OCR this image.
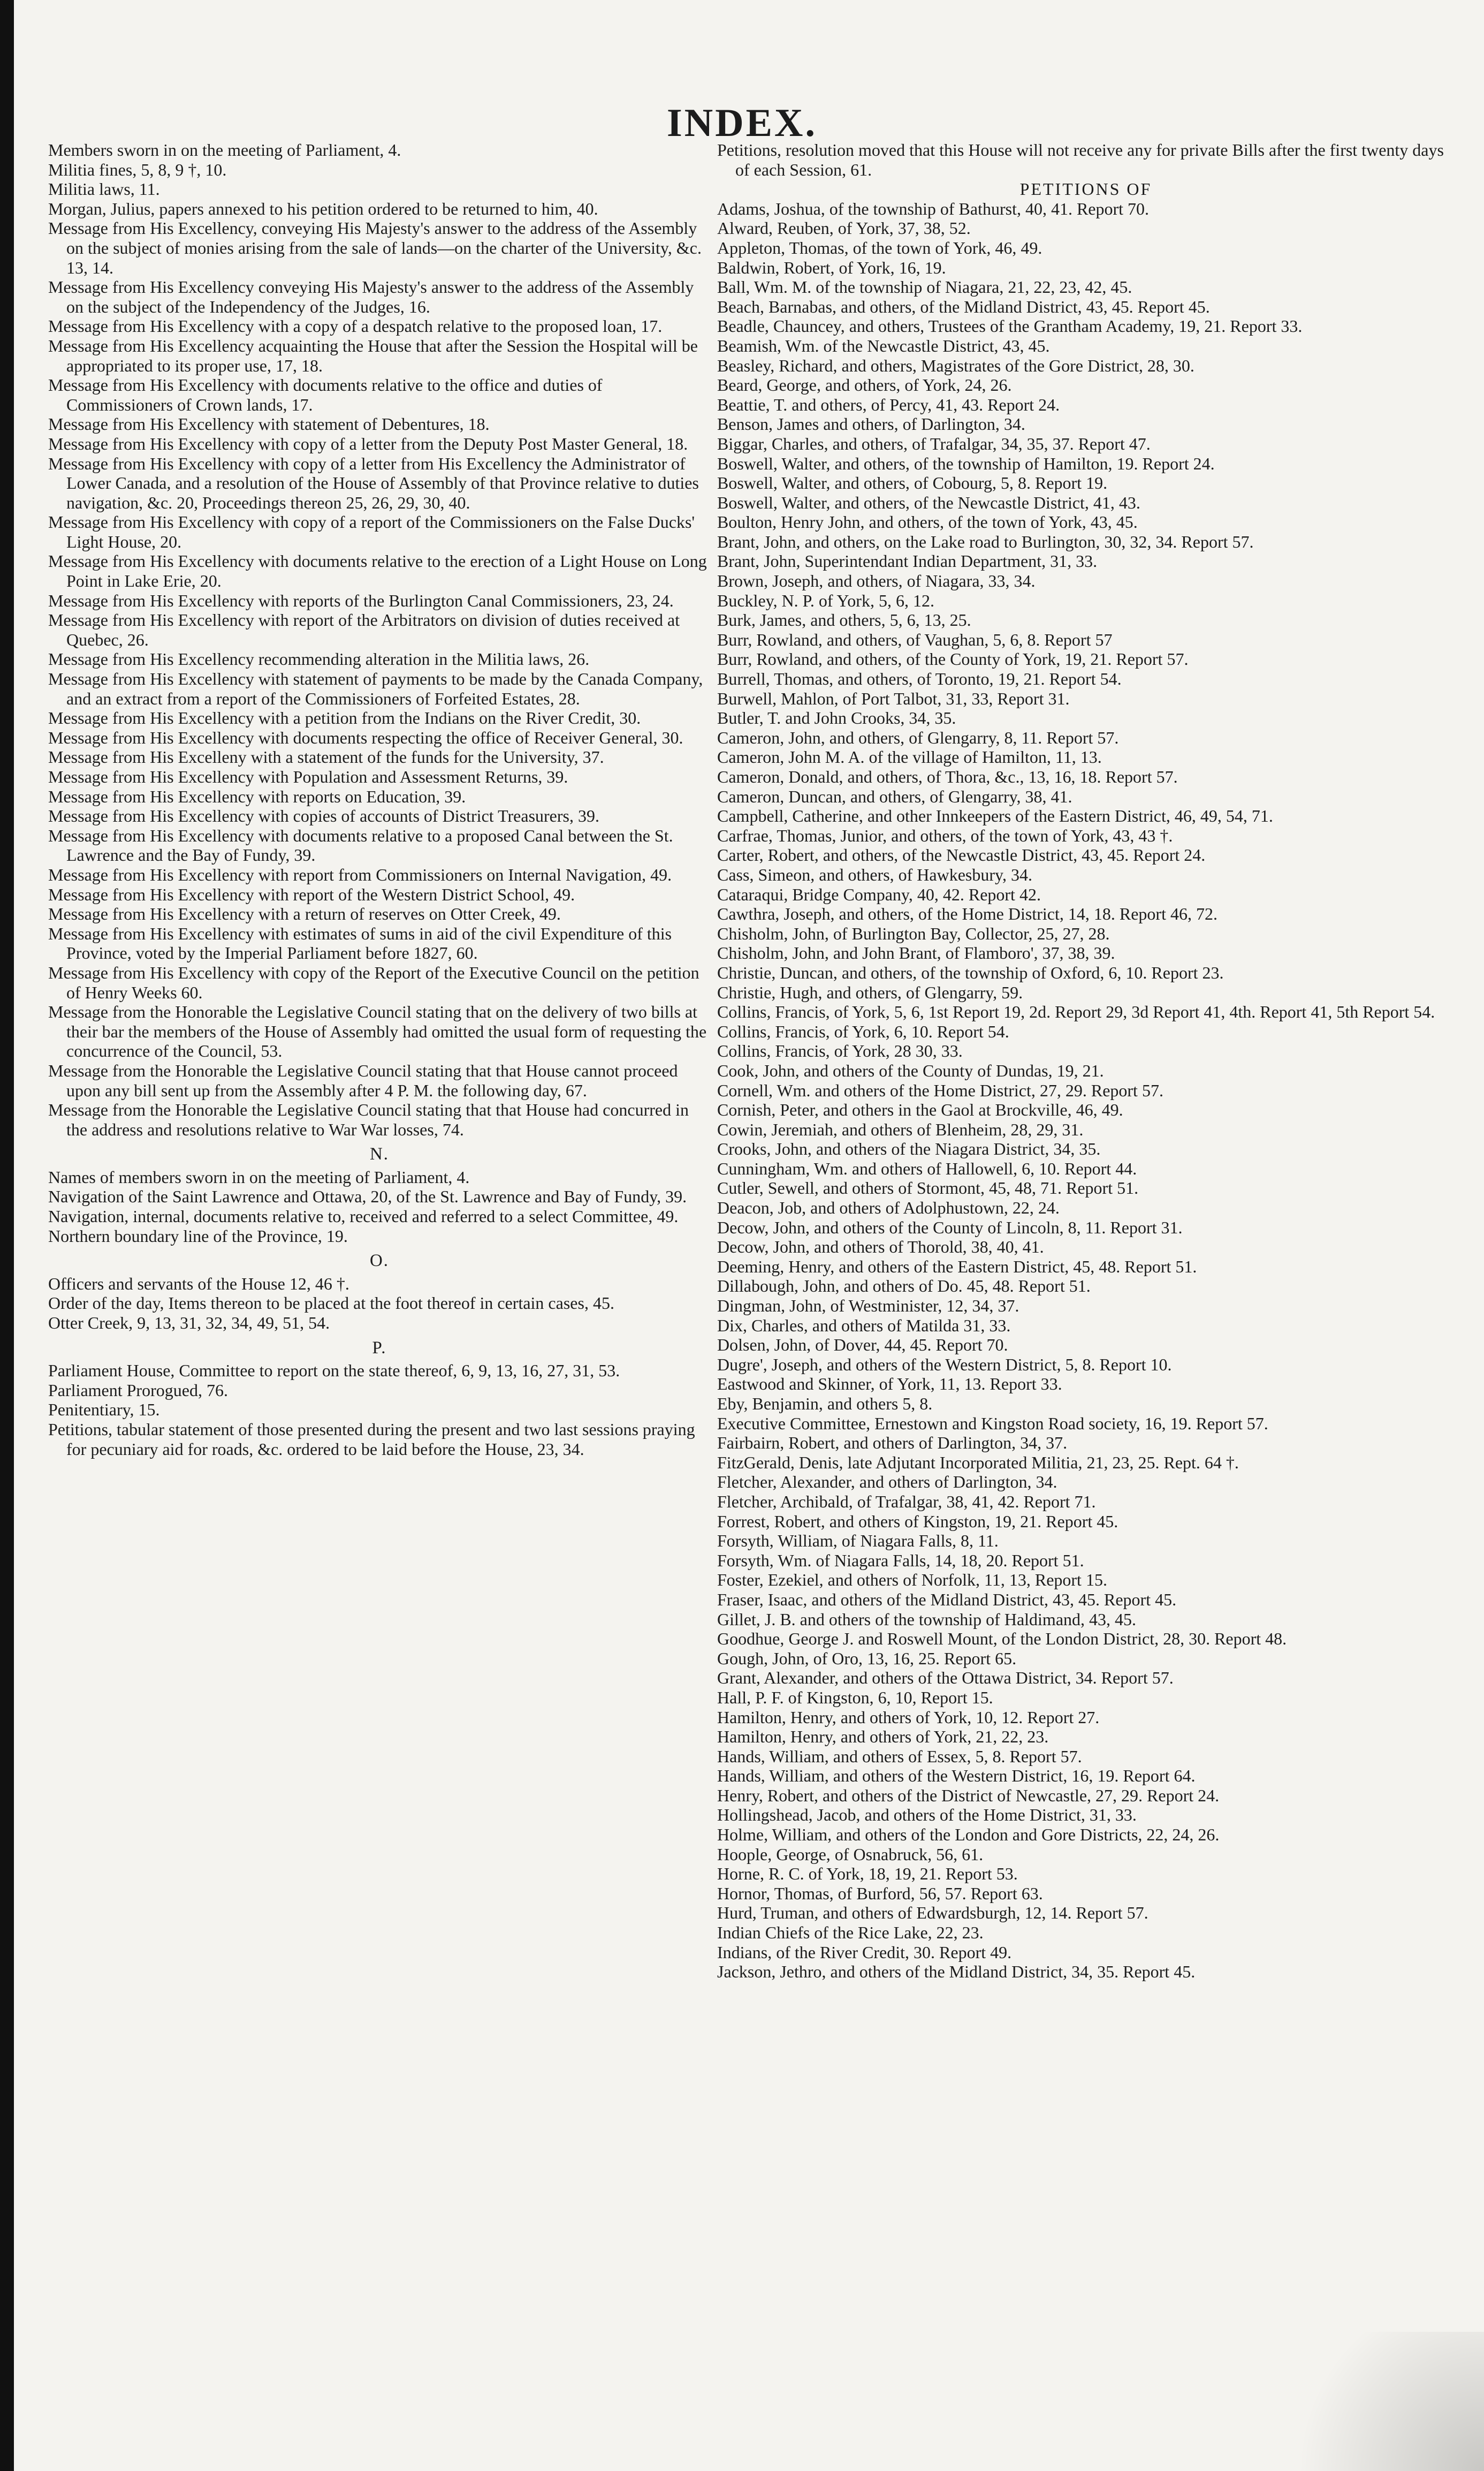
INDEX.

Members sworn in on the meeting of Parliament, 4.

Militia fines, 5, 8, 9 †, 10.

Militia laws, 11.

Morgan, Julius, papers annexed to his petition ordered to be returned to him, 40.

Message from His Excellency, conveying His Majesty's answer to the address of the Assembly on the subject of monies arising from the sale of lands—on the charter of the University, &c. 13, 14.

Message from His Excellency conveying His Majesty's answer to the address of the Assembly on the subject of the Independency of the Judges, 16.

Message from His Excellency with a copy of a despatch relative to the proposed loan, 17.

Message from His Excellency acquainting the House that after the Session the Hospital will be appropriated to its proper use, 17, 18.

Message from His Excellency with documents relative to the office and duties of Commissioners of Crown lands, 17.

Message from His Excellency with statement of Debentures, 18.

Message from His Excellency with copy of a letter from the Deputy Post Master General, 18.

Message from His Excellency with copy of a letter from His Excellency the Administrator of Lower Canada, and a resolution of the House of Assembly of that Province relative to duties navigation, &c. 20, Proceedings thereon 25, 26, 29, 30, 40.

Message from His Excellency with copy of a report of the Commissioners on the False Ducks' Light House, 20.

Message from His Excellency with documents relative to the erection of a Light House on Long Point in Lake Erie, 20.

Message from His Excellency with reports of the Burlington Canal Commissioners, 23, 24.

Message from His Excellency with report of the Arbitrators on division of duties received at Quebec, 26.

Message from His Excellency recommending alteration in the Militia laws, 26.

Message from His Excellency with statement of payments to be made by the Canada Company, and an extract from a report of the Commissioners of Forfeited Estates, 28.

Message from His Excellency with a petition from the Indians on the River Credit, 30.

Message from His Excellency with documents respecting the office of Receiver General, 30.

Message from His Excelleny with a statement of the funds for the University, 37.

Message from His Excellency with Population and Assessment Returns, 39.

Message from His Excellency with reports on Education, 39.

Message from His Excellency with copies of accounts of District Treasurers, 39.

Message from His Excellency with documents relative to a proposed Canal between the St. Lawrence and the Bay of Fundy, 39.

Message from His Excellency with report from Commissioners on Internal Navigation, 49.

Message from His Excellency with report of the Western District School, 49.

Message from His Excellency with a return of reserves on Otter Creek, 49.

Message from His Excellency with estimates of sums in aid of the civil Expenditure of this Province, voted by the Imperial Parliament before 1827, 60.

Message from His Excellency with copy of the Report of the Executive Council on the petition of Henry Weeks 60.

Message from the Honorable the Legislative Council stating that on the delivery of two bills at their bar the members of the House of Assembly had omitted the usual form of requesting the concurrence of the Council, 53.

Message from the Honorable the Legislative Council stating that that House cannot proceed upon any bill sent up from the Assembly after 4 P. M. the following day, 67.

Message from the Honorable the Legislative Council stating that that House had concurred in the address and resolutions relative to War War losses, 74.

N.

Names of members sworn in on the meeting of Parliament, 4.

Navigation of the Saint Lawrence and Ottawa, 20, of the St. Lawrence and Bay of Fundy, 39.

Navigation, internal, documents relative to, received and referred to a select Committee, 49.

Northern boundary line of the Province, 19.

O.

Officers and servants of the House 12, 46 †.

Order of the day, Items thereon to be placed at the foot thereof in certain cases, 45.

Otter Creek, 9, 13, 31, 32, 34, 49, 51, 54.

P.

Parliament House, Committee to report on the state thereof, 6, 9, 13, 16, 27, 31, 53.

Parliament Prorogued, 76.

Penitentiary, 15.

Petitions, tabular statement of those presented during the present and two last sessions praying for pecuniary aid for roads, &c. ordered to be laid before the House, 23, 34.

Petitions, resolution moved that this House will not receive any for private Bills after the first twenty days of each Session, 61.

PETITIONS OF

Adams, Joshua, of the township of Bathurst, 40, 41. Report 70.

Alward, Reuben, of York, 37, 38, 52.

Appleton, Thomas, of the town of York, 46, 49.

Baldwin, Robert, of York, 16, 19.

Ball, Wm. M. of the township of Niagara, 21, 22, 23, 42, 45.

Beach, Barnabas, and others, of the Midland District, 43, 45. Report 45.

Beadle, Chauncey, and others, Trustees of the Grantham Academy, 19, 21. Report 33.

Beamish, Wm. of the Newcastle District, 43, 45.

Beasley, Richard, and others, Magistrates of the Gore District, 28, 30.

Beard, George, and others, of York, 24, 26.

Beattie, T. and others, of Percy, 41, 43. Report 24.

Benson, James and others, of Darlington, 34.

Biggar, Charles, and others, of Trafalgar, 34, 35, 37. Report 47.

Boswell, Walter, and others, of the township of Hamilton, 19. Report 24.

Boswell, Walter, and others, of Cobourg, 5, 8. Report 19.

Boswell, Walter, and others, of the Newcastle District, 41, 43.

Boulton, Henry John, and others, of the town of York, 43, 45.

Brant, John, and others, on the Lake road to Burlington, 30, 32, 34. Report 57.

Brant, John, Superintendant Indian Department, 31, 33.

Brown, Joseph, and others, of Niagara, 33, 34.

Buckley, N. P. of York, 5, 6, 12.

Burk, James, and others, 5, 6, 13, 25.

Burr, Rowland, and others, of Vaughan, 5, 6, 8. Report 57

Burr, Rowland, and others, of the County of York, 19, 21. Report 57.

Burrell, Thomas, and others, of Toronto, 19, 21. Report 54.

Burwell, Mahlon, of Port Talbot, 31, 33, Report 31.

Butler, T. and John Crooks, 34, 35.

Cameron, John, and others, of Glengarry, 8, 11. Report 57.

Cameron, John M. A. of the village of Hamilton, 11, 13.

Cameron, Donald, and others, of Thora, &c., 13, 16, 18. Report 57.

Cameron, Duncan, and others, of Glengarry, 38, 41.

Campbell, Catherine, and other Innkeepers of the Eastern District, 46, 49, 54, 71.

Carfrae, Thomas, Junior, and others, of the town of York, 43, 43 †.

Carter, Robert, and others, of the Newcastle District, 43, 45. Report 24.

Cass, Simeon, and others, of Hawkesbury, 34.

Cataraqui, Bridge Company, 40, 42. Report 42.

Cawthra, Joseph, and others, of the Home District, 14, 18. Report 46, 72.

Chisholm, John, of Burlington Bay, Collector, 25, 27, 28.

Chisholm, John, and John Brant, of Flamboro', 37, 38, 39.

Christie, Duncan, and others, of the township of Oxford, 6, 10. Report 23.

Christie, Hugh, and others, of Glengarry, 59.

Collins, Francis, of York, 5, 6, 1st Report 19, 2d. Report 29, 3d Report 41, 4th. Report 41, 5th Report 54.

Collins, Francis, of York, 6, 10. Report 54.

Collins, Francis, of York, 28 30, 33.

Cook, John, and others of the County of Dundas, 19, 21.

Cornell, Wm. and others of the Home District, 27, 29. Report 57.

Cornish, Peter, and others in the Gaol at Brockville, 46, 49.

Cowin, Jeremiah, and others of Blenheim, 28, 29, 31.

Crooks, John, and others of the Niagara District, 34, 35.

Cunningham, Wm. and others of Hallowell, 6, 10. Report 44.

Cutler, Sewell, and others of Stormont, 45, 48, 71. Report 51.

Deacon, Job, and others of Adolphustown, 22, 24.

Decow, John, and others of the County of Lincoln, 8, 11. Report 31.

Decow, John, and others of Thorold, 38, 40, 41.

Deeming, Henry, and others of the Eastern District, 45, 48. Report 51.

Dillabough, John, and others of Do. 45, 48. Report 51.

Dingman, John, of Westminister, 12, 34, 37.

Dix, Charles, and others of Matilda 31, 33.

Dolsen, John, of Dover, 44, 45. Report 70.

Dugre', Joseph, and others of the Western District, 5, 8. Report 10.

Eastwood and Skinner, of York, 11, 13. Report 33.

Eby, Benjamin, and others 5, 8.

Executive Committee, Ernestown and Kingston Road society, 16, 19. Report 57.

Fairbairn, Robert, and others of Darlington, 34, 37.

FitzGerald, Denis, late Adjutant Incorporated Militia, 21, 23, 25. Rept. 64 †.

Fletcher, Alexander, and others of Darlington, 34.

Fletcher, Archibald, of Trafalgar, 38, 41, 42. Report 71.

Forrest, Robert, and others of Kingston, 19, 21. Report 45.

Forsyth, William, of Niagara Falls, 8, 11.

Forsyth, Wm. of Niagara Falls, 14, 18, 20. Report 51.

Foster, Ezekiel, and others of Norfolk, 11, 13, Report 15.

Fraser, Isaac, and others of the Midland District, 43, 45. Report 45.

Gillet, J. B. and others of the township of Haldimand, 43, 45.

Goodhue, George J. and Roswell Mount, of the London District, 28, 30. Report 48.

Gough, John, of Oro, 13, 16, 25. Report 65.

Grant, Alexander, and others of the Ottawa District, 34. Report 57.

Hall, P. F. of Kingston, 6, 10, Report 15.

Hamilton, Henry, and others of York, 10, 12. Report 27.

Hamilton, Henry, and others of York, 21, 22, 23.

Hands, William, and others of Essex, 5, 8. Report 57.

Hands, William, and others of the Western District, 16, 19. Report 64.

Henry, Robert, and others of the District of Newcastle, 27, 29. Report 24.

Hollingshead, Jacob, and others of the Home District, 31, 33.

Holme, William, and others of the London and Gore Districts, 22, 24, 26.

Hoople, George, of Osnabruck, 56, 61.

Horne, R. C. of York, 18, 19, 21. Report 53.

Hornor, Thomas, of Burford, 56, 57. Report 63.

Hurd, Truman, and others of Edwardsburgh, 12, 14. Report 57.

Indian Chiefs of the Rice Lake, 22, 23.

Indians, of the River Credit, 30. Report 49.

Jackson, Jethro, and others of the Midland District, 34, 35. Report 45.
